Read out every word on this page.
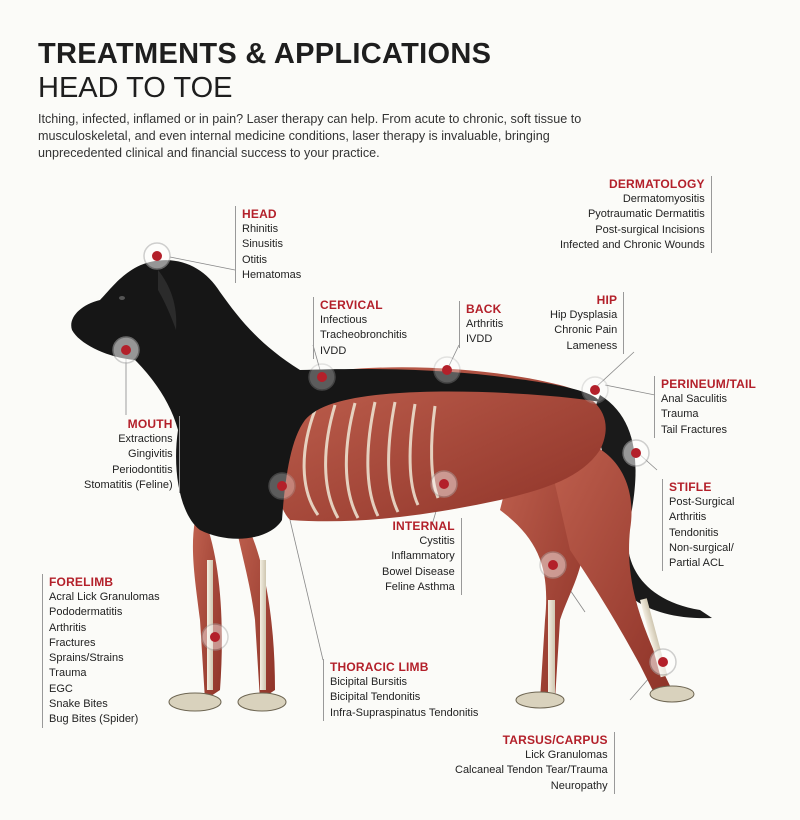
TREATMENTS & APPLICATIONS
HEAD TO TOE
Itching, infected, inflamed or in pain? Laser therapy can help. From acute to chronic, soft tissue to musculoskeletal, and even internal medicine conditions, laser therapy is invaluable, bringing unprecedented clinical and financial success to your practice.
DERMATOLOGY
Dermatomyositis
Pyotraumatic Dermatitis
Post-surgical Incisions
Infected and Chronic Wounds
HEAD
Rhinitis
Sinusitis
Otitis
Hematomas
CERVICAL
Infectious
Tracheobronchitis
IVDD
BACK
Arthritis
IVDD
HIP
Hip Dysplasia
Chronic Pain
Lameness
PERINEUM/TAIL
Anal Saculitis
Trauma
Tail Fractures
MOUTH
Extractions
Gingivitis
Periodontitis
Stomatitis (Feline)	STIFLE
Post-Surgical
Arthritis
Tendonitis
Non-surgical/
Partial ACL
INTERNAL
Cystitis
Inflammatory
Bowel Disease
Feline Asthma
FORELIMB
Acral Lick Granulomas
Pododermatitis
Arthritis
Fractures
Sprains/Strains
Trauma
EGC
Snake Bites
Bug Bites (Spider)
THORACIC LIMB
Bicipital Bursitis
Bicipital Tendonitis
Infra-Supraspinatus Tendonitis
TARSUS/CARPUS
Lick Granulomas
Calcaneal Tendon Tear/Trauma
Neuropathy
